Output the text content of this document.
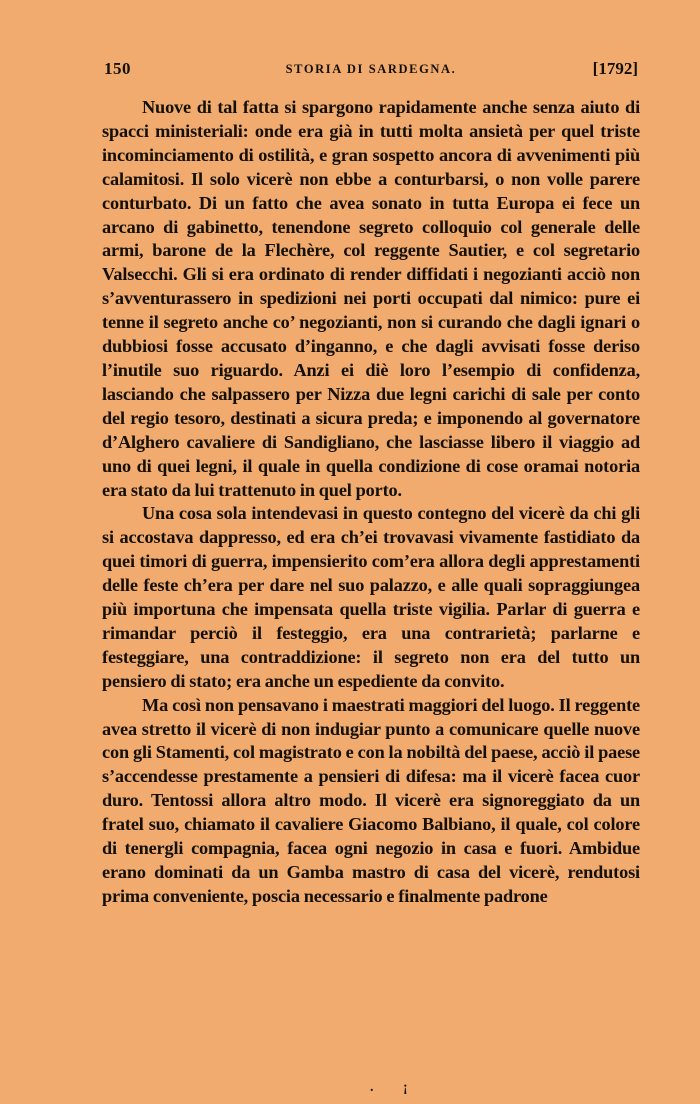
150	STORIA DI SARDEGNA.	[1792]

Nuove di tal fatta si spargono rapidamente anche senza aiuto di spacci ministeriali: onde era già in tutti molta ansietà per quel triste incominciamento di ostilità, e gran sospetto ancora di avvenimenti più calamitosi. Il solo vicerè non ebbe a conturbarsi, o non volle parere conturbato. Di un fatto che avea sonato in tutta Europa ei fece un arcano di gabinetto, tenendone segreto colloquio col generale delle armi, barone de la Flechère, col reggente Sautier, e col segretario Valsecchi. Gli si era ordinato di render diffidati i negozianti acciò non s’avventurassero in spedizioni nei porti occupati dal nimico: pure ei tenne il segreto anche co’ negozianti, non si curando che dagli ignari o dubbiosi fosse accusato d’inganno, e che dagli avvisati fosse deriso l’inutile suo riguardo. Anzi ei diè loro l’esempio di confidenza, lasciando che salpassero per Nizza due legni carichi di sale per conto del regio tesoro, destinati a sicura preda; e imponendo al governatore d’Alghero cavaliere di Sandigliano, che lasciasse libero il viaggio ad uno di quei legni, il quale in quella condizione di cose oramai notoria era stato da lui trattenuto in quel porto.

Una cosa sola intendevasi in questo contegno del vicerè da chi gli si accostava dappresso, ed era ch’ei trovavasi vivamente fastidiato da quei timori di guerra, impensierito com’era allora degli apprestamenti delle feste ch’era per dare nel suo palazzo, e alle quali sopraggiungea più importuna che impensata quella triste vigilia. Parlar di guerra e rimandar perciò il festeggio, era una contrarietà; parlarne e festeggiare, una contraddizione: il segreto non era del tutto un pensiero di stato; era anche un espediente da convito.

Ma così non pensavano i maestrati maggiori del luogo. Il reggente avea stretto il vicerè di non indugiar punto a comunicare quelle nuove con gli Stamenti, col magistrato e con la nobiltà del paese, acciò il paese s’accendesse prestamente a pensieri di difesa: ma il vicerè facea cuor duro. Tentossi allora altro modo. Il vicerè era signoreggiato da un fratel suo, chiamato il cavaliere Giacomo Balbiano, il quale, col colore di tenergli compagnia, facea ogni negozio in casa e fuori. Ambidue erano dominati da un Gamba mastro di casa del vicerè, rendutosi prima conveniente, poscia necessario e finalmente padrone

. ¡
